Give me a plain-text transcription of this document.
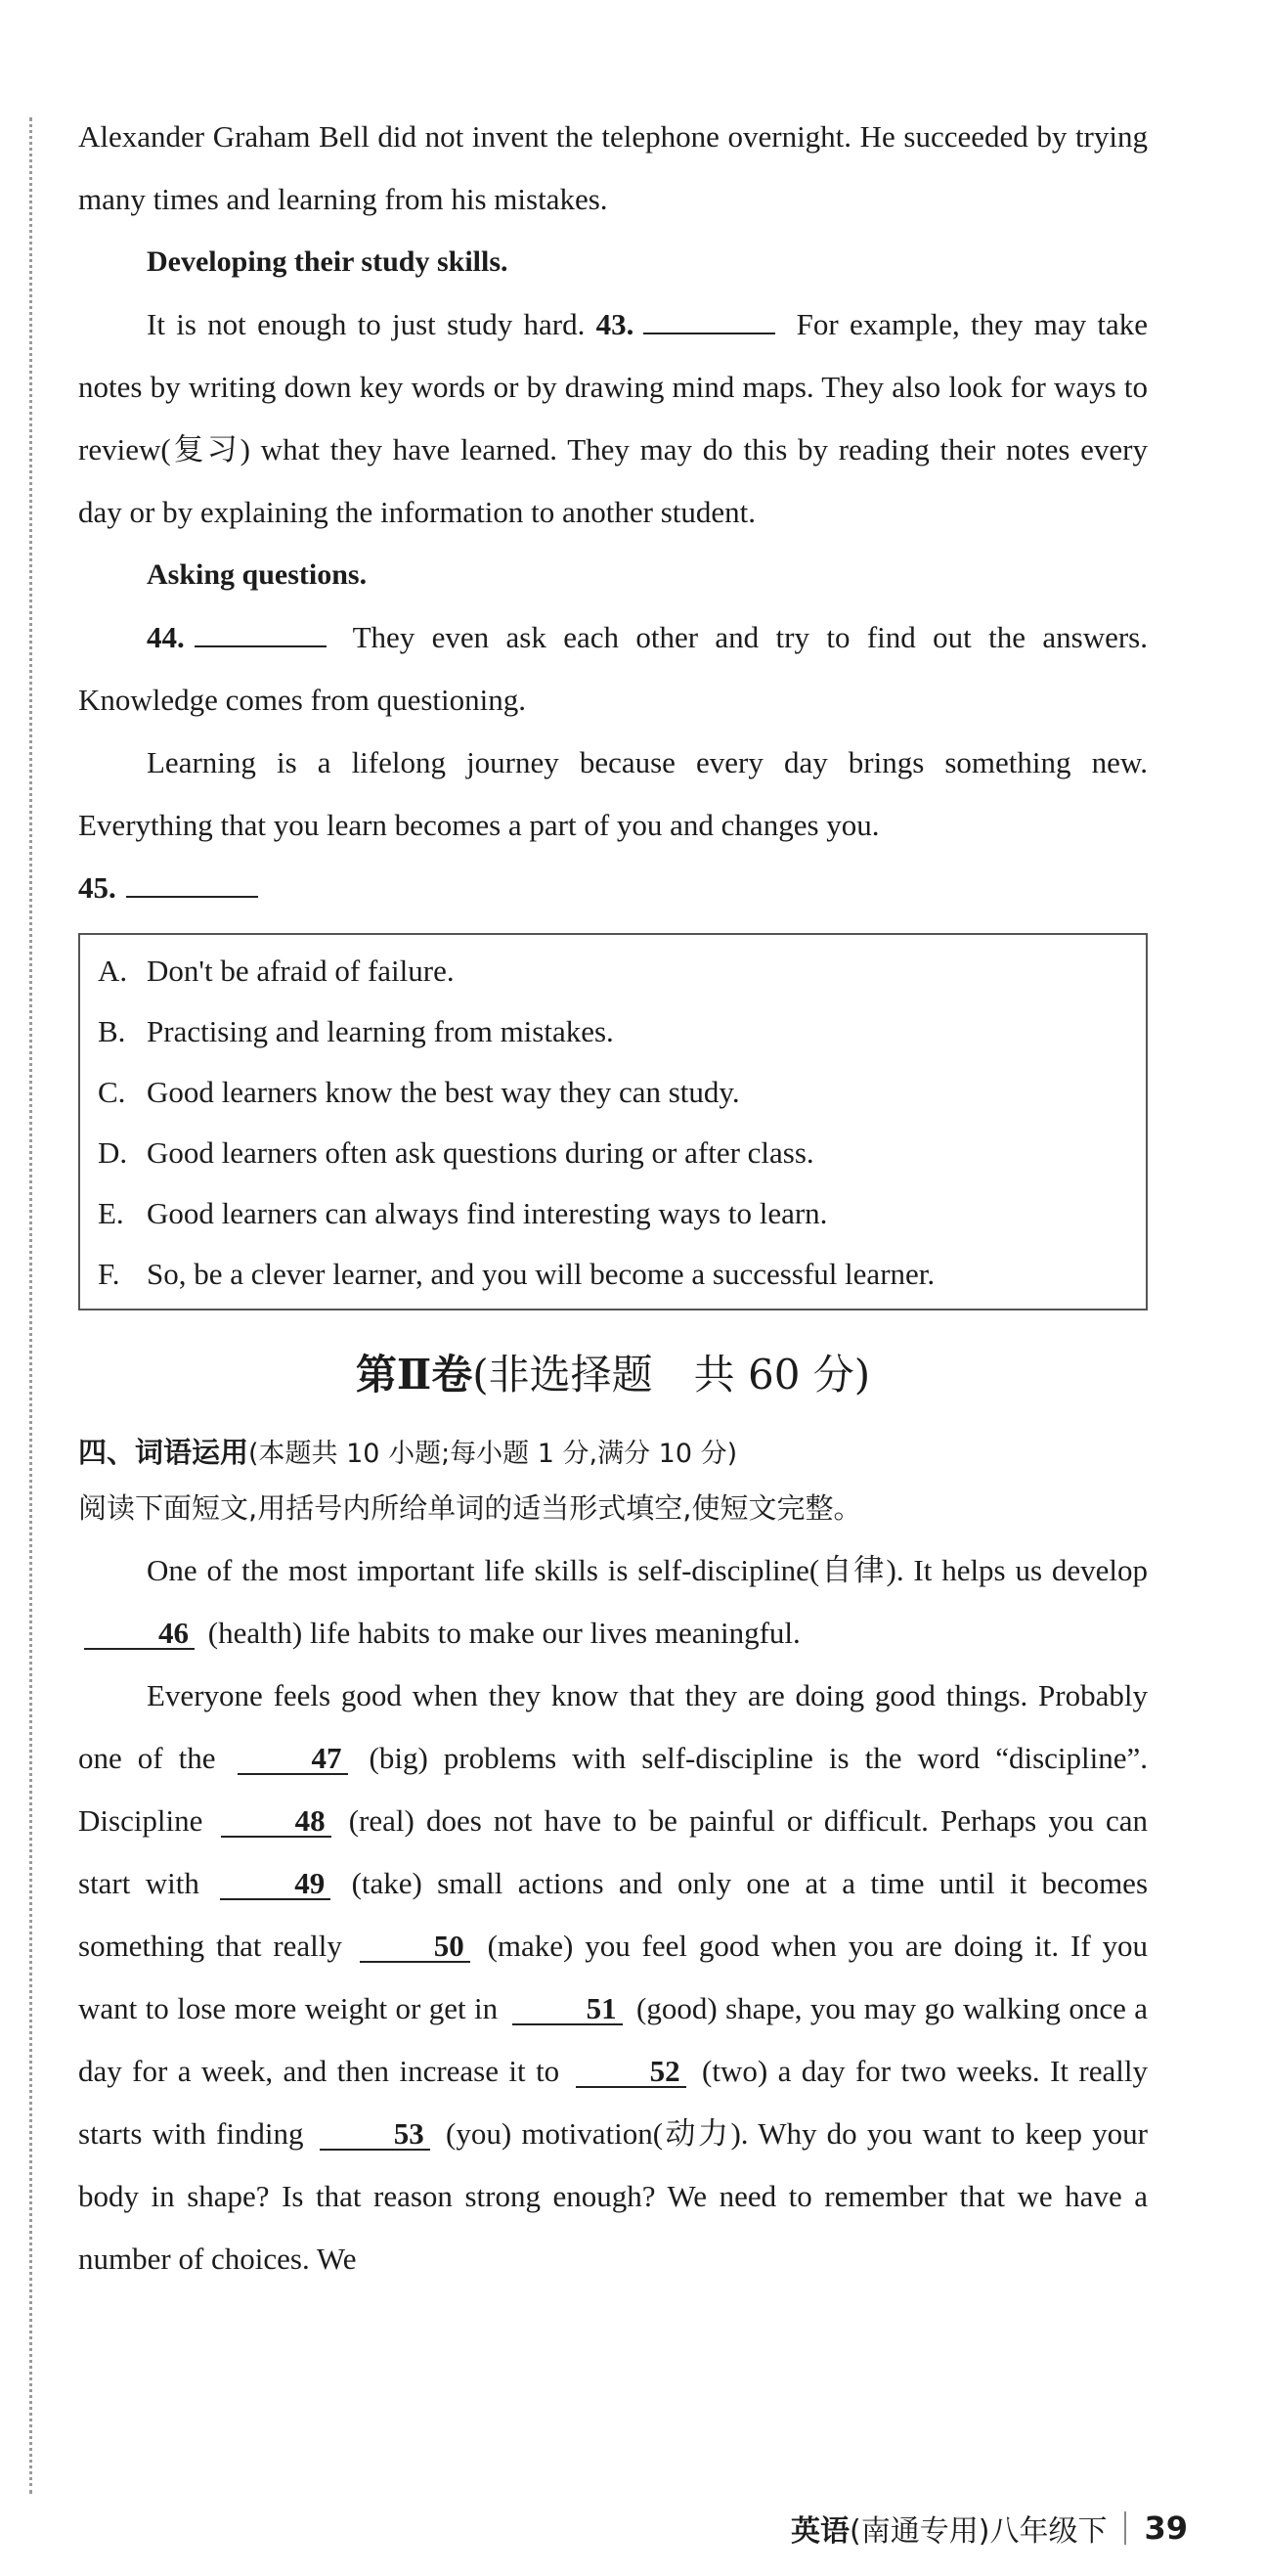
Alexander Graham Bell did not invent the telephone overnight. He succeeded by trying many times and learning from his mistakes.

Developing their study skills.

It is not enough to just study hard. 43.	For example, they may take notes by writing down key words or by drawing mind maps. They also look for ways to review(复习) what they have learned. They may do this by reading their notes every day or by explaining the information to another student.

Asking questions.

44.	They even ask each other and try to find out the answers. Knowledge comes from questioning.

Learning is a lifelong journey because every day brings something new. Everything that you learn becomes a part of you and changes you.

45.

A. Don't be afraid of failure.
B. Practising and learning from mistakes.
C. Good learners know the best way they can study.
D. Good learners often ask questions during or after class.
E. Good learners can always find interesting ways to learn.
F. So, be a clever learner, and you will become a successful learner.
第Ⅱ卷(非选择题　共 60 分)
四、词语运用(本题共 10 小题;每小题 1 分,满分 10 分)
阅读下面短文,用括号内所给单词的适当形式填空,使短文完整。

One of the most important life skills is self-discipline(自律). It helps us develop 46 (health) life habits to make our lives meaningful.

Everyone feels good when they know that they are doing good things. Probably one of the	47 (big) problems with self-discipline is the word “discipline”. Discipline	48 (real) does not have to be painful or difficult. Perhaps you can start with	49 (take) small actions and only one at a time until it becomes something that really	50 (make) you feel good when you are doing it. If you want to lose more weight or get in	51 (good) shape, you may go walking once a day for a week, and then increase it to	52 (two) a day for two weeks. It really starts with finding	53 (you) motivation(动力). Why do you want to keep your body in shape? Is that reason strong enough? We need to remember that we have a number of choices. We

英语(南通专用)八年级下 39
